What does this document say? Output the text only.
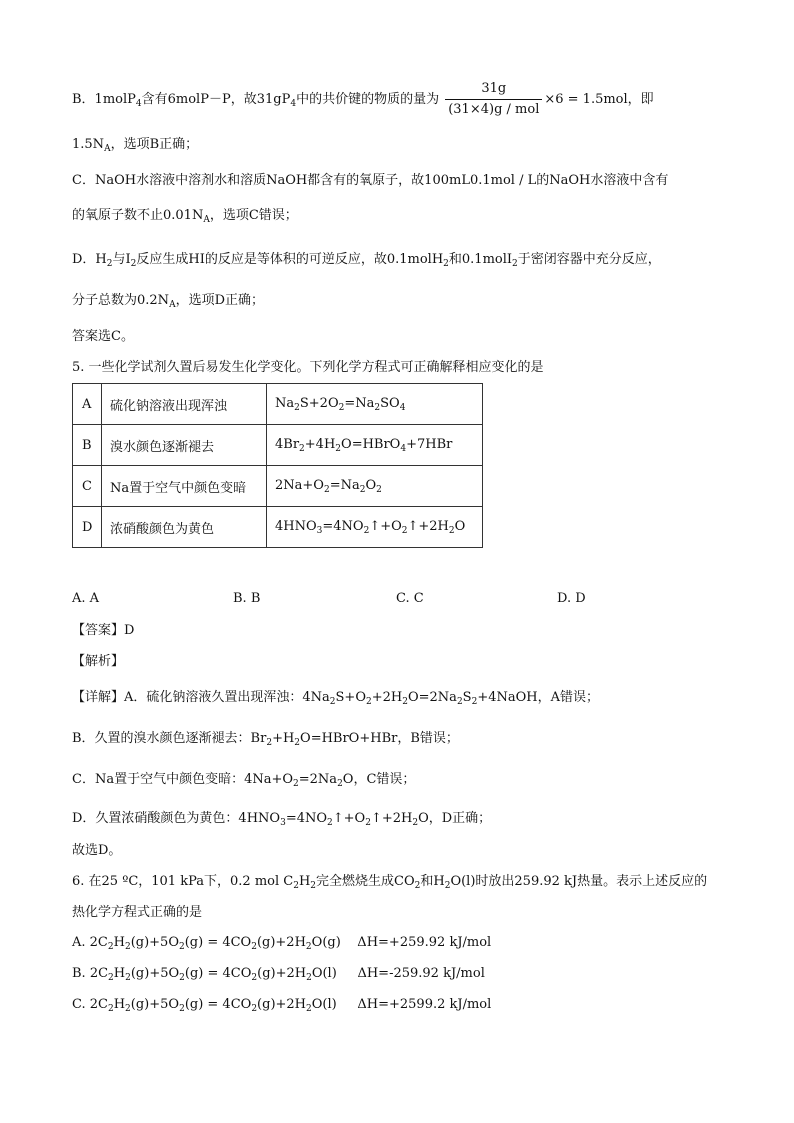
B．1molP$_4$含有6molP－P，故$31gP_4$中的共价键的物质的量为 $\frac{31g}{\text{(31×4)g / mol}} \times 6 = 1.5mol$，即
$1.5N_A$，选项B正确；
C．NaOH水溶液中溶剂水和溶质NaOH都含有的氧原子，故100mL0.1mol / L的NaOH水溶液中含有
的氧原子数不止$0.01N_A$，选项C错误；
D．$H_2$与$I_2$反应生成HI的反应是等体积的可逆反应，故0.1molH$_2$和0.1molI$_2$于密闭容器中充分反应，
分子总数为$0.2N_A$，选项D正确；
答案选C。
5. 一些化学试剂久置后易发生化学变化。下列化学方程式可正确解释相应变化的是
A	硫化钠溶液出现浑浊	$Na_2S+2O_2=Na_2SO_4$
B	溴水颜色逐渐褪去	$4Br_2+4H_2O=HBrO_4+7HBr$
C	Na置于空气中颜色变暗	$2Na+O_2=Na_2O_2$
D	浓硝酸颜色为黄色	$4HNO_3=4NO_2↑+O_2↑+2H_2O$
A. A	B. B	C. C	D. D
【答案】D
【解析】
【详解】A．硫化钠溶液久置出现浑浊：$4Na_2S+O_2+2H_2O=2Na_2S_2+4NaOH$，A错误；
B．久置的溴水颜色逐渐褪去：$Br_2+H_2O=HBrO+HBr$，B错误；
C．Na置于空气中颜色变暗：$4Na+O_2=2Na_2O$，C错误；
D．久置浓硝酸颜色为黄色：$4HNO_3=4NO_2↑+O_2↑+2H_2O$，D正确；
故选D。
6. 在25 ºC，101 kPa下，0.2 mol $C_2H_2$完全燃烧生成$CO_2$和$H_2O(l)$时放出259.92 kJ热量。表示上述反应的
热化学方程式正确的是
A. $2C_2H_2(g)+5O_2(g) = 4CO_2(g)+2H_2O(g)$    ΔH=+259.92 kJ/mol
B. $2C_2H_2(g)+5O_2(g) = 4CO_2(g)+2H_2O(l)$     ΔH=-259.92 kJ/mol
C. $2C_2H_2(g)+5O_2(g) = 4CO_2(g)+2H_2O(l)$     ΔH=+2599.2 kJ/mol
